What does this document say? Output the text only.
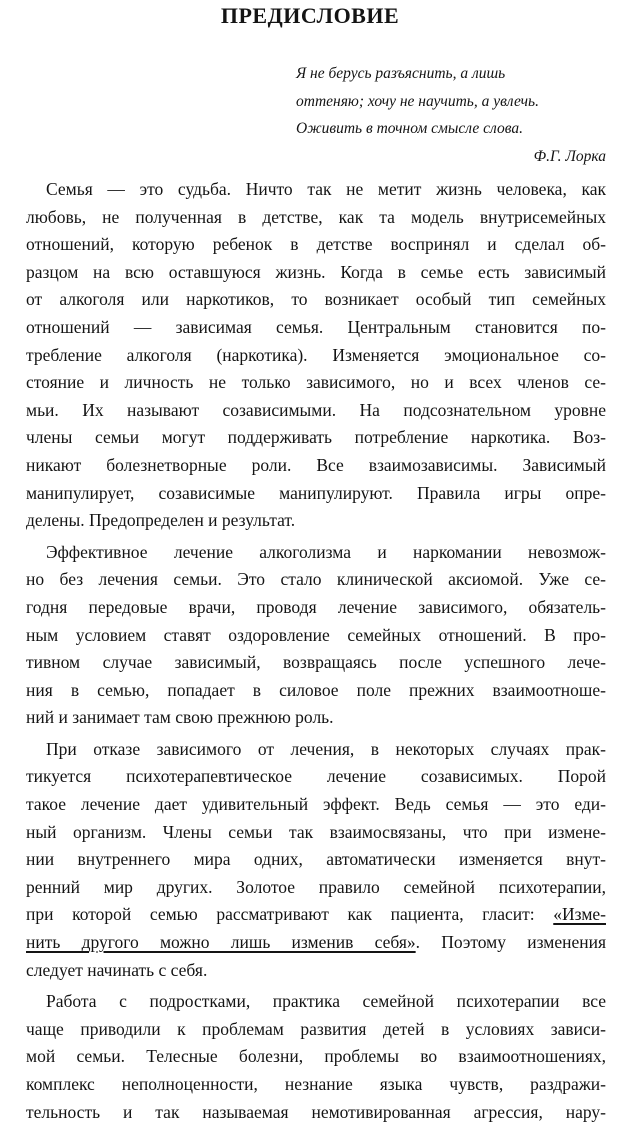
ПРЕДИСЛОВИЕ
Я не берусь разъяснить, а лишь
оттеняю; хочу не научить, а увлечь.
Оживить в точном смысле слова.
Ф.Г. Лорка
Семья — это судьба. Ничто так не метит жизнь человека, как
любовь, не полученная в детстве, как та модель внутрисемейных
отношений, которую ребенок в детстве воспринял и сделал об-
разцом на всю оставшуюся жизнь. Когда в семье есть зависимый
от алкоголя или наркотиков, то возникает особый тип семейных
отношений — зависимая семья. Центральным становится по-
требление алкоголя (наркотика). Изменяется эмоциональное со-
стояние и личность не только зависимого, но и всех членов се-
мьи. Их называют созависимыми. На подсознательном уровне
члены семьи могут поддерживать потребление наркотика. Воз-
никают болезнетворные роли. Все взаимозависимы. Зависимый
манипулирует, созависимые манипулируют. Правила игры опре-
делены. Предопределен и результат.
Эффективное лечение алкоголизма и наркомании невозмож-
но без лечения семьи. Это стало клинической аксиомой. Уже се-
годня передовые врачи, проводя лечение зависимого, обязатель-
ным условием ставят оздоровление семейных отношений. В про-
тивном случае зависимый, возвращаясь после успешного лече-
ния в семью, попадает в силовое поле прежних взаимоотноше-
ний и занимает там свою прежнюю роль.
При отказе зависимого от лечения, в некоторых случаях прак-
тикуется психотерапевтическое лечение созависимых. Порой
такое лечение дает удивительный эффект. Ведь семья — это еди-
ный организм. Члены семьи так взаимосвязаны, что при измене-
нии внутреннего мира одних, автоматически изменяется внут-
ренний мир других. Золотое правило семейной психотерапии,
при которой семью рассматривают как пациента, гласит: «Изме-
нить другого можно лишь изменив себя». Поэтому изменения
следует начинать с себя.
Работа с подростками, практика семейной психотерапии все
чаще приводили к проблемам развития детей в условиях зависи-
мой семьи. Телесные болезни, проблемы во взаимоотношениях,
комплекс неполноценности, незнание языка чувств, раздражи-
тельность и так называемая немотивированная агрессия, нару-
